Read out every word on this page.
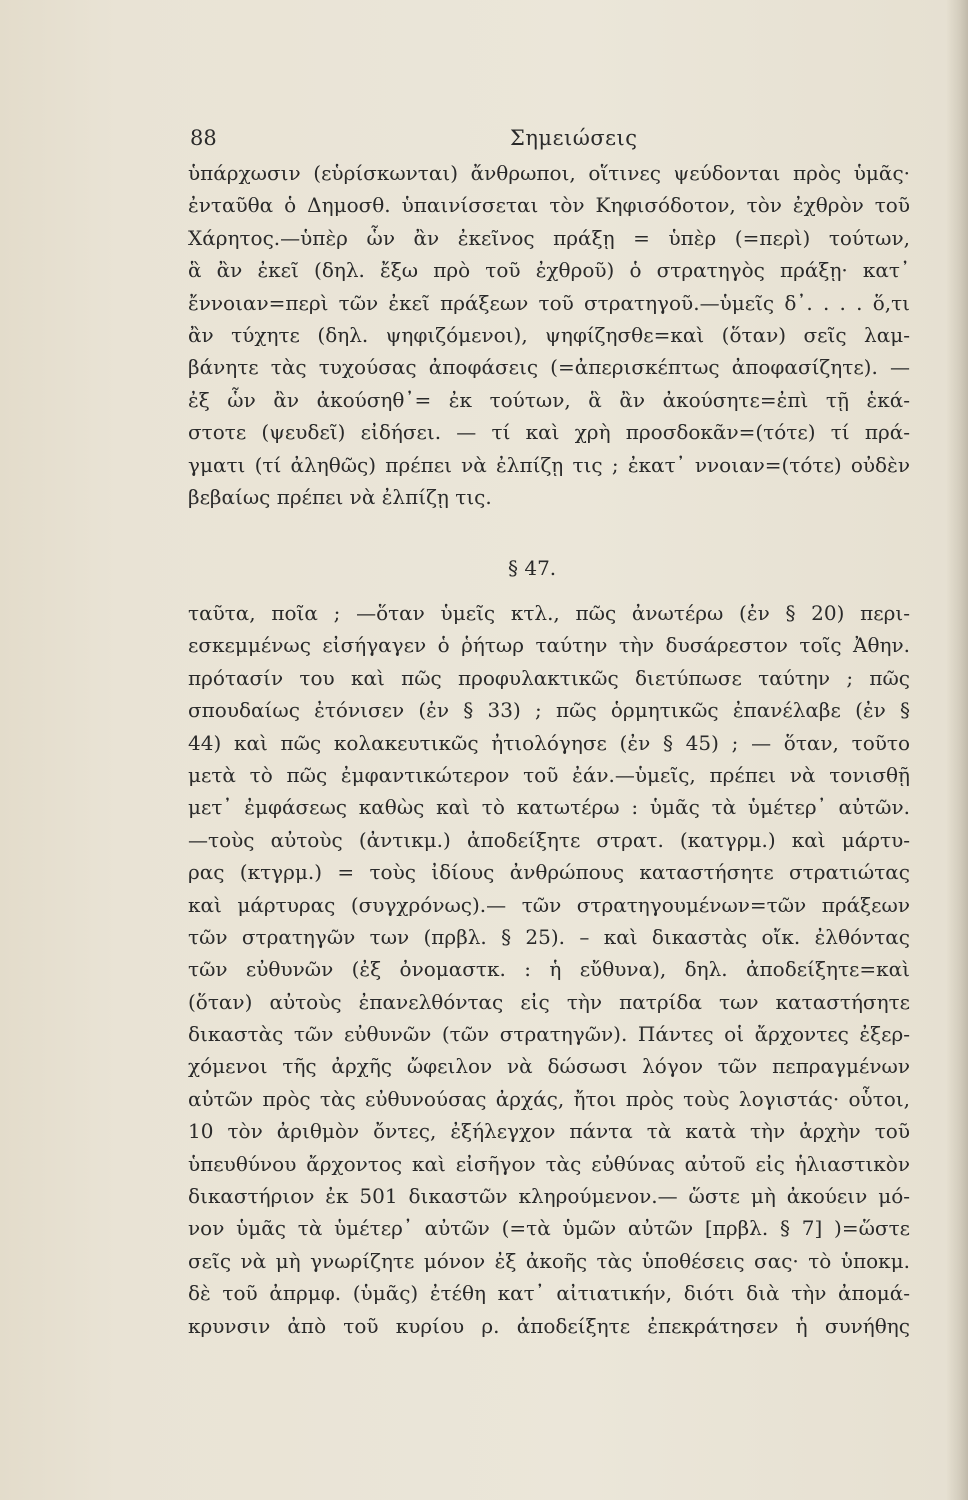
88	Σημειώσεις
ὑπάρχωσιν (εὑρίσκωνται) ἄνθρωποι, οἵτινες ψεύδονται πρὸς ὑμᾶς·
ἐνταῦθα ὁ Δημοσθ. ὑπαινίσσεται τὸν Κηφισόδοτον, τὸν ἐχθρὸν τοῦ
Χάρητος.—ὑπὲρ ὧν ἂν ἐκεῖνος πράξῃ = ὑπὲρ (=περὶ) τούτων,
ἃ ἂν ἐκεῖ (δηλ. ἔξω πρὸ τοῦ ἐχθροῦ) ὁ στρατηγὸς πράξῃ· κατ᾽
ἔννοιαν=περὶ τῶν ἐκεῖ πράξεων τοῦ στρατηγοῦ.—ὑμεῖς δ᾽. . . . ὅ,τι
ἂν τύχητε (δηλ. ψηφιζόμενοι), ψηφίζησθε=καὶ (ὅταν) σεῖς λαμ-
βάνητε τὰς τυχούσας ἀποφάσεις (=ἀπερισκέπτως ἀποφασίζητε). —
ἐξ ὧν ἂν ἀκούσηθ᾽= ἐκ τούτων, ἃ ἂν ἀκούσητε=ἐπὶ τῇ ἑκά-
στοτε (ψευδεῖ) εἰδήσει. — τί καὶ χρὴ προσδοκᾶν=(τότε) τί πρά-
γματι (τί ἀληθῶς) πρέπει νὰ ἐλπίζῃ τις ; ἐκατ᾽ ννοιαν=(τότε) οὐδὲν
βεβαίως πρέπει νὰ ἐλπίζῃ τις.
§ 47.
ταῦτα, ποῖα ; —ὅταν ὑμεῖς κτλ., πῶς ἀνωτέρω (ἐν § 20) περι-
εσκεμμένως εἰσήγαγεν ὁ ῥήτωρ ταύτην τὴν δυσάρεστον τοῖς Ἀθην.
πρότασίν του καὶ πῶς προφυλακτικῶς διετύπωσε ταύτην ; πῶς
σπουδαίως ἐτόνισεν (ἐν § 33) ; πῶς ὁρμητικῶς ἐπανέλαβε (ἐν §
44) καὶ πῶς κολακευτικῶς ἠτιολόγησε (ἐν § 45) ; — ὅταν, τοῦτο
μετὰ τὸ πῶς ἐμφαντικώτερον τοῦ ἐάν.—ὑμεῖς, πρέπει νὰ τονισθῇ
μετ᾽ ἐμφάσεως καθὼς καὶ τὸ κατωτέρω : ὑμᾶς τὰ ὑμέτερ᾽ αὐτῶν.
—τοὺς αὐτοὺς (ἀντικμ.) ἀποδείξητε στρατ. (κατγρμ.) καὶ μάρτυ-
ρας (κτγρμ.) = τοὺς ἰδίους ἀνθρώπους καταστήσητε στρατιώτας
καὶ μάρτυρας (συγχρόνως).— τῶν στρατηγουμένων=τῶν πράξεων
τῶν στρατηγῶν των (πρβλ. § 25). – καὶ δικαστὰς οἴκ. ἐλθόντας
τῶν εὐθυνῶν (ἐξ ὀνομαστκ. : ἡ εὔθυνα), δηλ. ἀποδείξητε=καὶ
(ὅταν) αὐτοὺς ἐπανελθόντας εἰς τὴν πατρίδα των καταστήσητε
δικαστὰς τῶν εὐθυνῶν (τῶν στρατηγῶν). Πάντες οἱ ἄρχοντες ἐξερ-
χόμενοι τῆς ἀρχῆς ὤφειλον νὰ δώσωσι λόγον τῶν πεπραγμένων
αὐτῶν πρὸς τὰς εὐθυνούσας ἀρχάς, ἤτοι πρὸς τοὺς λογιστάς· οὗτοι,
10 τὸν ἀριθμὸν ὄντες, ἐξήλεγχον πάντα τὰ κατὰ τὴν ἀρχὴν τοῦ
ὑπευθύνου ἄρχοντος καὶ εἰσῆγον τὰς εὐθύνας αὐτοῦ εἰς ἡλιαστικὸν
δικαστήριον ἐκ 501 δικαστῶν κληρούμενον.— ὥστε μὴ ἀκούειν μό-
νον ὑμᾶς τὰ ὑμέτερ᾽ αὐτῶν (=τὰ ὑμῶν αὐτῶν [πρβλ. § 7] )=ὥστε
σεῖς νὰ μὴ γνωρίζητε μόνον ἐξ ἀκοῆς τὰς ὑποθέσεις σας· τὸ ὑποκμ.
δὲ τοῦ ἀπρμφ. (ὑμᾶς) ἐτέθη κατ᾽ αἰτιατικήν, διότι διὰ τὴν ἀπομά-
κρυνσιν ἀπὸ τοῦ κυρίου ρ. ἀποδείξητε ἐπεκράτησεν ἡ συνήθης
